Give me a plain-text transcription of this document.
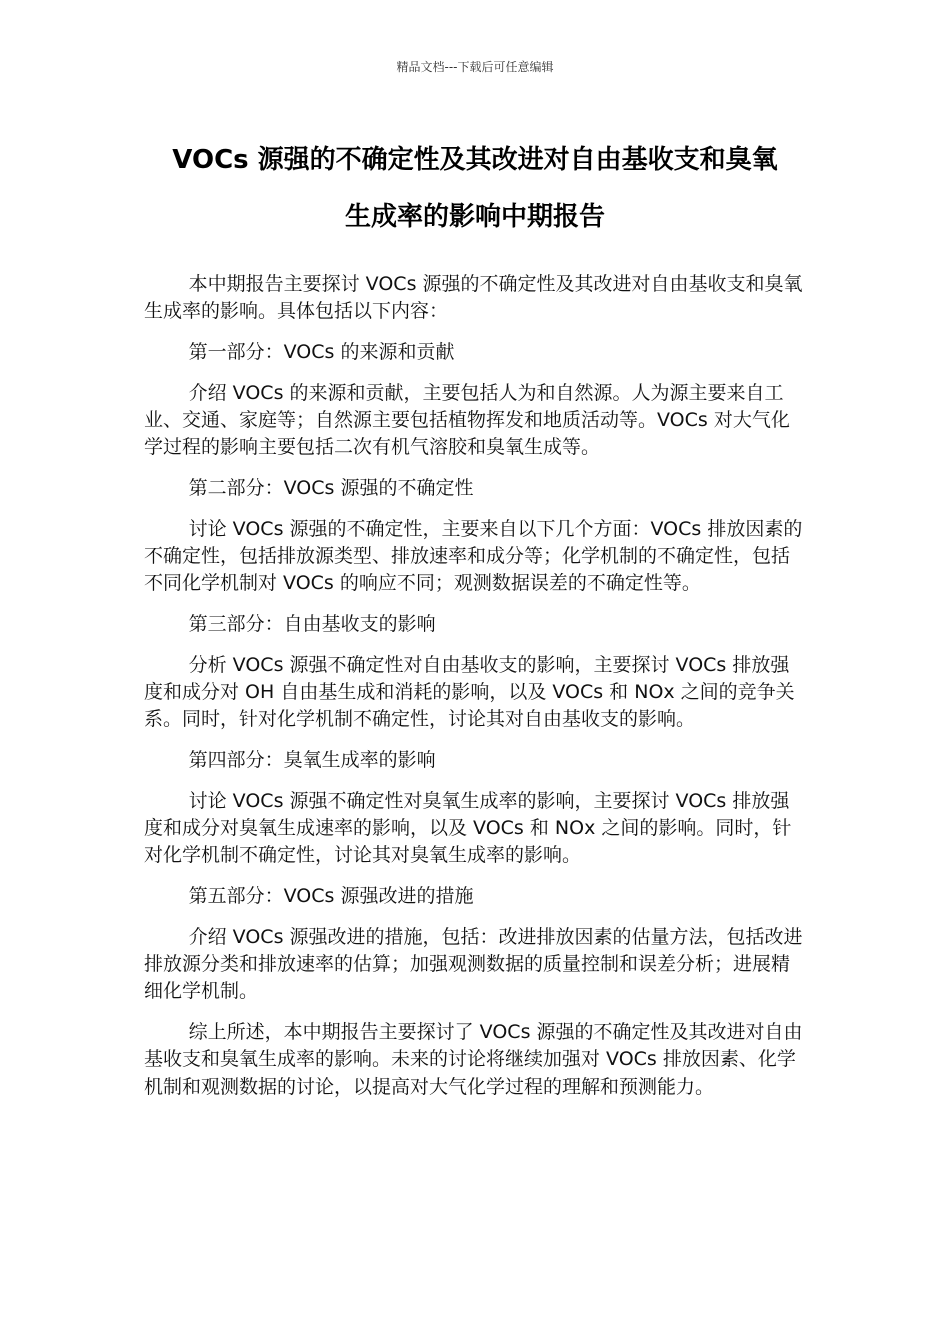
精品文档---下载后可任意编辑
VOCs 源强的不确定性及其改进对自由基收支和臭氧
生成率的影响中期报告

本中期报告主要探讨 VOCs 源强的不确定性及其改进对自由基收支和臭氧生成率的影响。具体包括以下内容：

第一部分：VOCs 的来源和贡献

介绍 VOCs 的来源和贡献，主要包括人为和自然源。人为源主要来自工业、交通、家庭等；自然源主要包括植物挥发和地质活动等。VOCs 对大气化学过程的影响主要包括二次有机气溶胶和臭氧生成等。

第二部分：VOCs 源强的不确定性

讨论 VOCs 源强的不确定性，主要来自以下几个方面：VOCs 排放因素的不确定性，包括排放源类型、排放速率和成分等；化学机制的不确定性，包括不同化学机制对 VOCs 的响应不同；观测数据误差的不确定性等。

第三部分：自由基收支的影响

分析 VOCs 源强不确定性对自由基收支的影响，主要探讨 VOCs 排放强度和成分对 OH 自由基生成和消耗的影响，以及 VOCs 和 NOx 之间的竞争关系。同时，针对化学机制不确定性，讨论其对自由基收支的影响。

第四部分：臭氧生成率的影响

讨论 VOCs 源强不确定性对臭氧生成率的影响，主要探讨 VOCs 排放强度和成分对臭氧生成速率的影响，以及 VOCs 和 NOx 之间的影响。同时，针对化学机制不确定性，讨论其对臭氧生成率的影响。

第五部分：VOCs 源强改进的措施

介绍 VOCs 源强改进的措施，包括：改进排放因素的估量方法，包括改进排放源分类和排放速率的估算；加强观测数据的质量控制和误差分析；进展精细化学机制。

综上所述，本中期报告主要探讨了 VOCs 源强的不确定性及其改进对自由基收支和臭氧生成率的影响。未来的讨论将继续加强对 VOCs 排放因素、化学机制和观测数据的讨论，以提高对大气化学过程的理解和预测能力。
